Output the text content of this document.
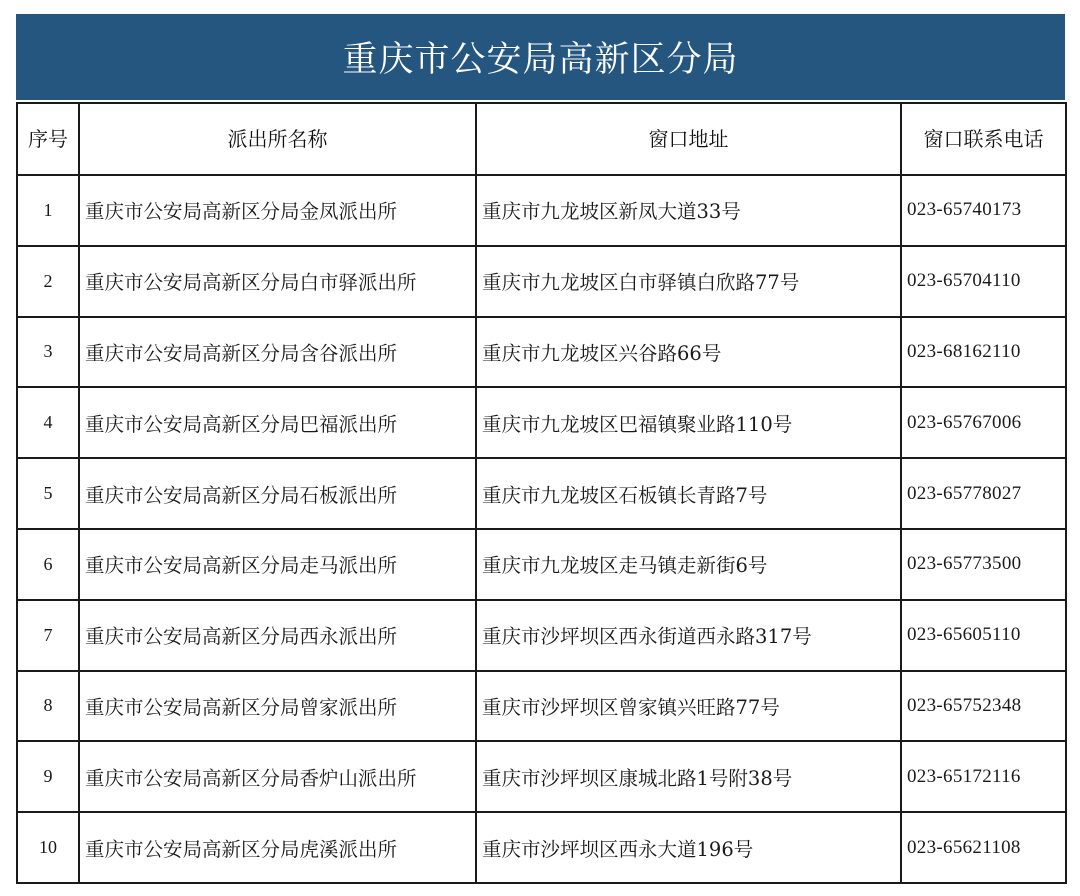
重庆市公安局高新区分局
序号	派出所名称	窗口地址	窗口联系电话
1	重庆市公安局高新区分局金凤派出所	重庆市九龙坡区新凤大道33号	023-65740173
2	重庆市公安局高新区分局白市驿派出所	重庆市九龙坡区白市驿镇白欣路77号	023-65704110
3	重庆市公安局高新区分局含谷派出所	重庆市九龙坡区兴谷路66号	023-68162110
4	重庆市公安局高新区分局巴福派出所	重庆市九龙坡区巴福镇聚业路110号	023-65767006
5	重庆市公安局高新区分局石板派出所	重庆市九龙坡区石板镇长青路7号	023-65778027
6	重庆市公安局高新区分局走马派出所	重庆市九龙坡区走马镇走新街6号	023-65773500
7	重庆市公安局高新区分局西永派出所	重庆市沙坪坝区西永街道西永路317号	023-65605110
8	重庆市公安局高新区分局曾家派出所	重庆市沙坪坝区曾家镇兴旺路77号	023-65752348
9	重庆市公安局高新区分局香炉山派出所	重庆市沙坪坝区康城北路1号附38号	023-65172116
10	重庆市公安局高新区分局虎溪派出所	重庆市沙坪坝区西永大道196号	023-65621108
